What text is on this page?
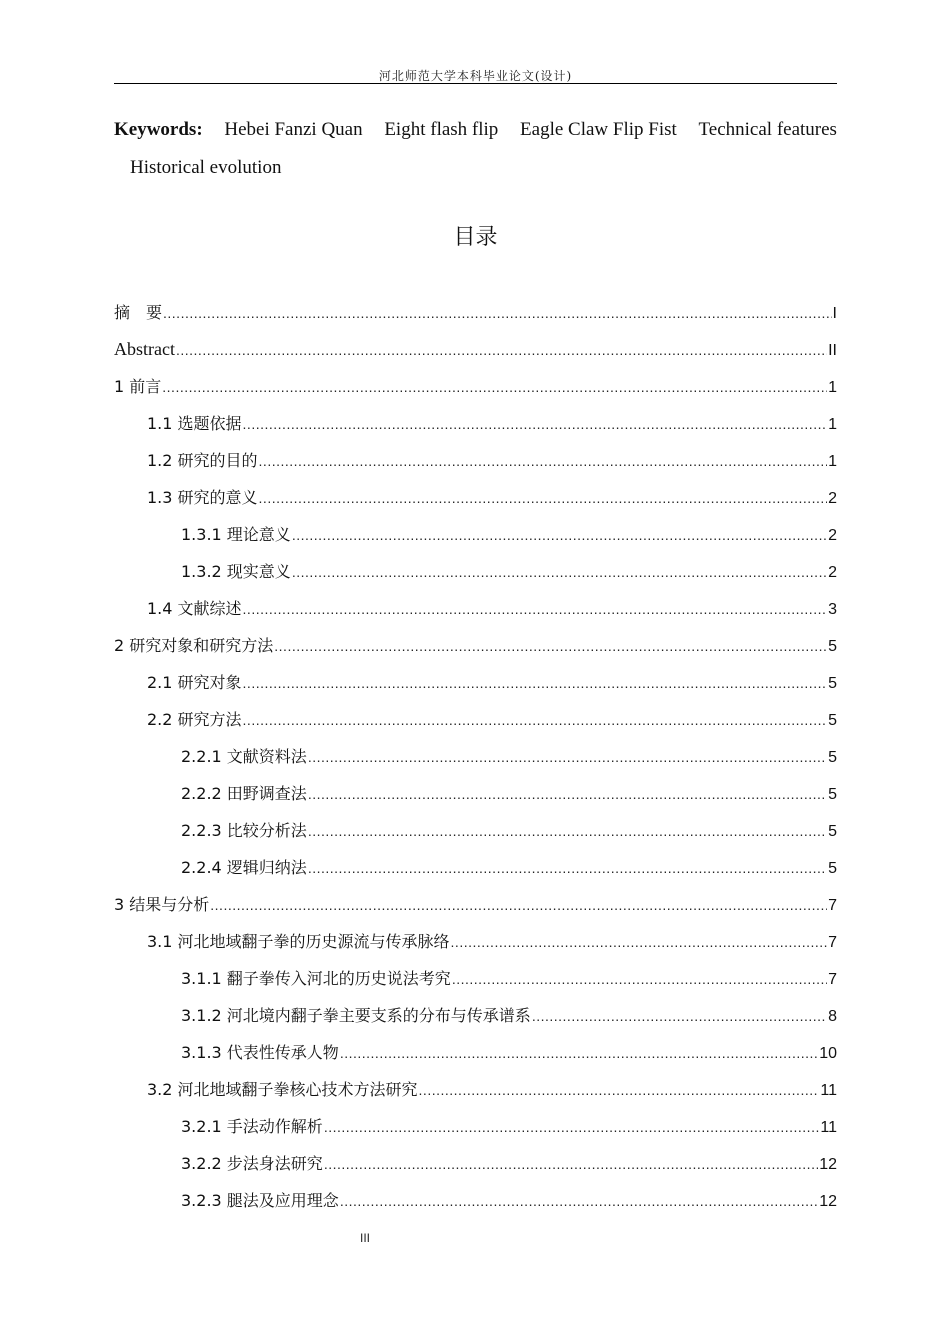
河北师范大学本科毕业论文(设计)
Keywords: Hebei Fanzi Quan Eight flash flip Eagle Claw Flip Fist Technical features
Historical evolution
目录
摘　要 .....	I
Abstract .....	II
1 前言 .....	1
1.1 选题依据 .....	1
1.2 研究的目的 .....	1
1.3 研究的意义 .....	2
1.3.1 理论意义 .....	2
1.3.2 现实意义 .....	2
1.4 文献综述 .....	3
2 研究对象和研究方法 .....	5
2.1 研究对象 .....	5
2.2 研究方法 .....	5
2.2.1 文献资料法 .....	5
2.2.2 田野调查法 .....	5
2.2.3 比较分析法 .....	5
2.2.4 逻辑归纳法 .....	5
3 结果与分析 .....	7
3.1 河北地域翻子拳的历史源流与传承脉络 .....	7
3.1.1 翻子拳传入河北的历史说法考究 .....	7
3.1.2 河北境内翻子拳主要支系的分布与传承谱系 .....	8
3.1.3 代表性传承人物 .....	10
3.2 河北地域翻子拳核心技术方法研究 .....	11
3.2.1 手法动作解析 .....	11
3.2.2 步法身法研究 .....	12
3.2.3 腿法及应用理念 .....	12
III
